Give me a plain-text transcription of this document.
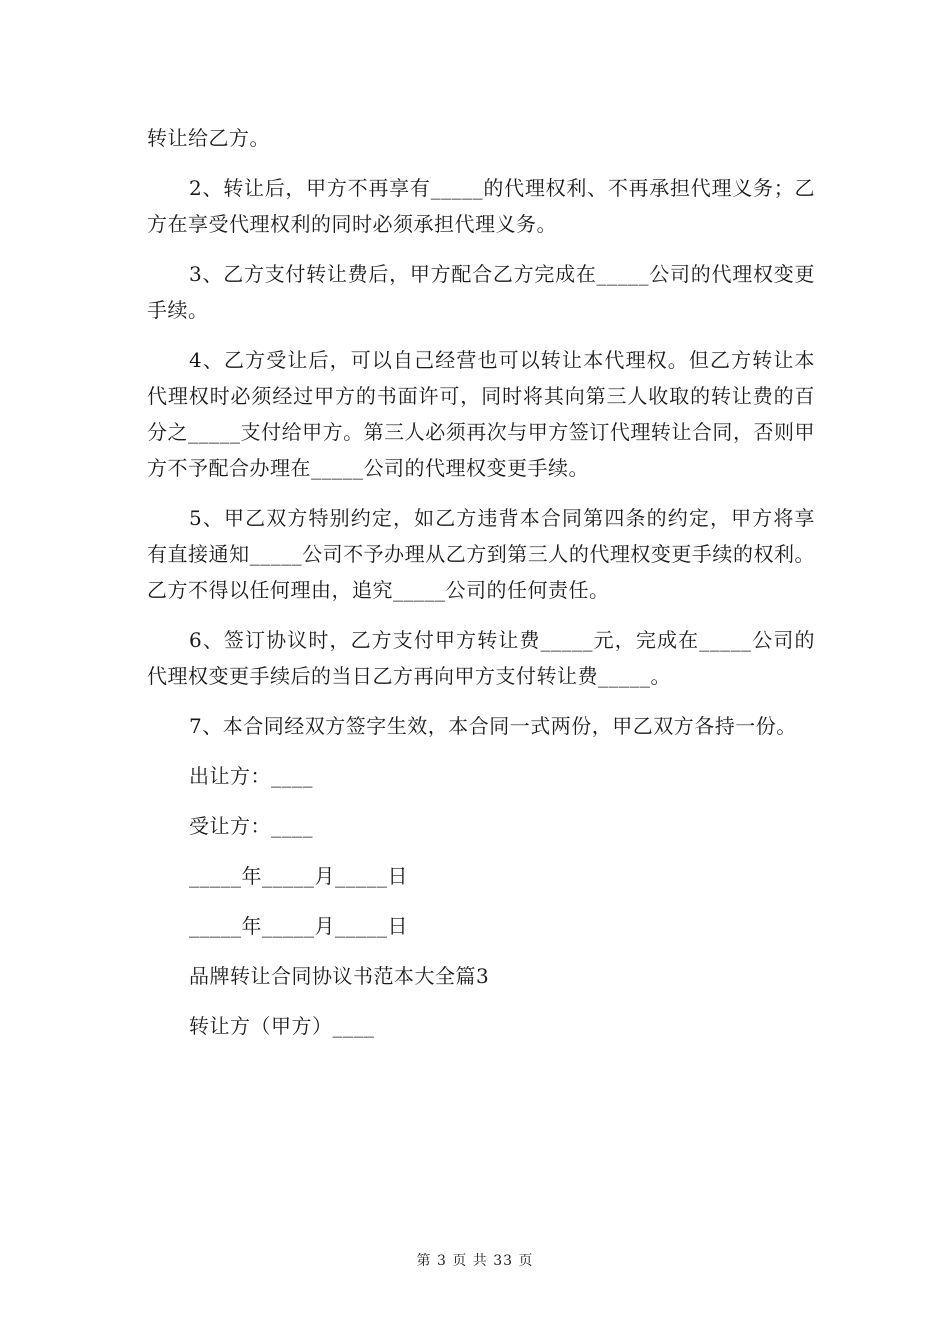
转让给乙方。

2、转让后，甲方不再享有_____的代理权利、不再承担代理义务；乙方在享受代理权利的同时必须承担代理义务。

3、乙方支付转让费后，甲方配合乙方完成在_____公司的代理权变更手续。

4、乙方受让后，可以自己经营也可以转让本代理权。但乙方转让本代理权时必须经过甲方的书面许可，同时将其向第三人收取的转让费的百分之_____支付给甲方。第三人必须再次与甲方签订代理转让合同，否则甲方不予配合办理在_____公司的代理权变更手续。

5、甲乙双方特别约定，如乙方违背本合同第四条的约定，甲方将享有直接通知_____公司不予办理从乙方到第三人的代理权变更手续的权利。乙方不得以任何理由，追究_____公司的任何责任。

6、签订协议时，乙方支付甲方转让费_____元，完成在_____公司的代理权变更手续后的当日乙方再向甲方支付转让费_____。

7、本合同经双方签字生效，本合同一式两份，甲乙双方各持一份。

出让方：____
受让方：____
_____年_____月_____日
_____年_____月_____日
品牌转让合同协议书范本大全篇3
转让方（甲方）____
第 3 页 共 33 页
